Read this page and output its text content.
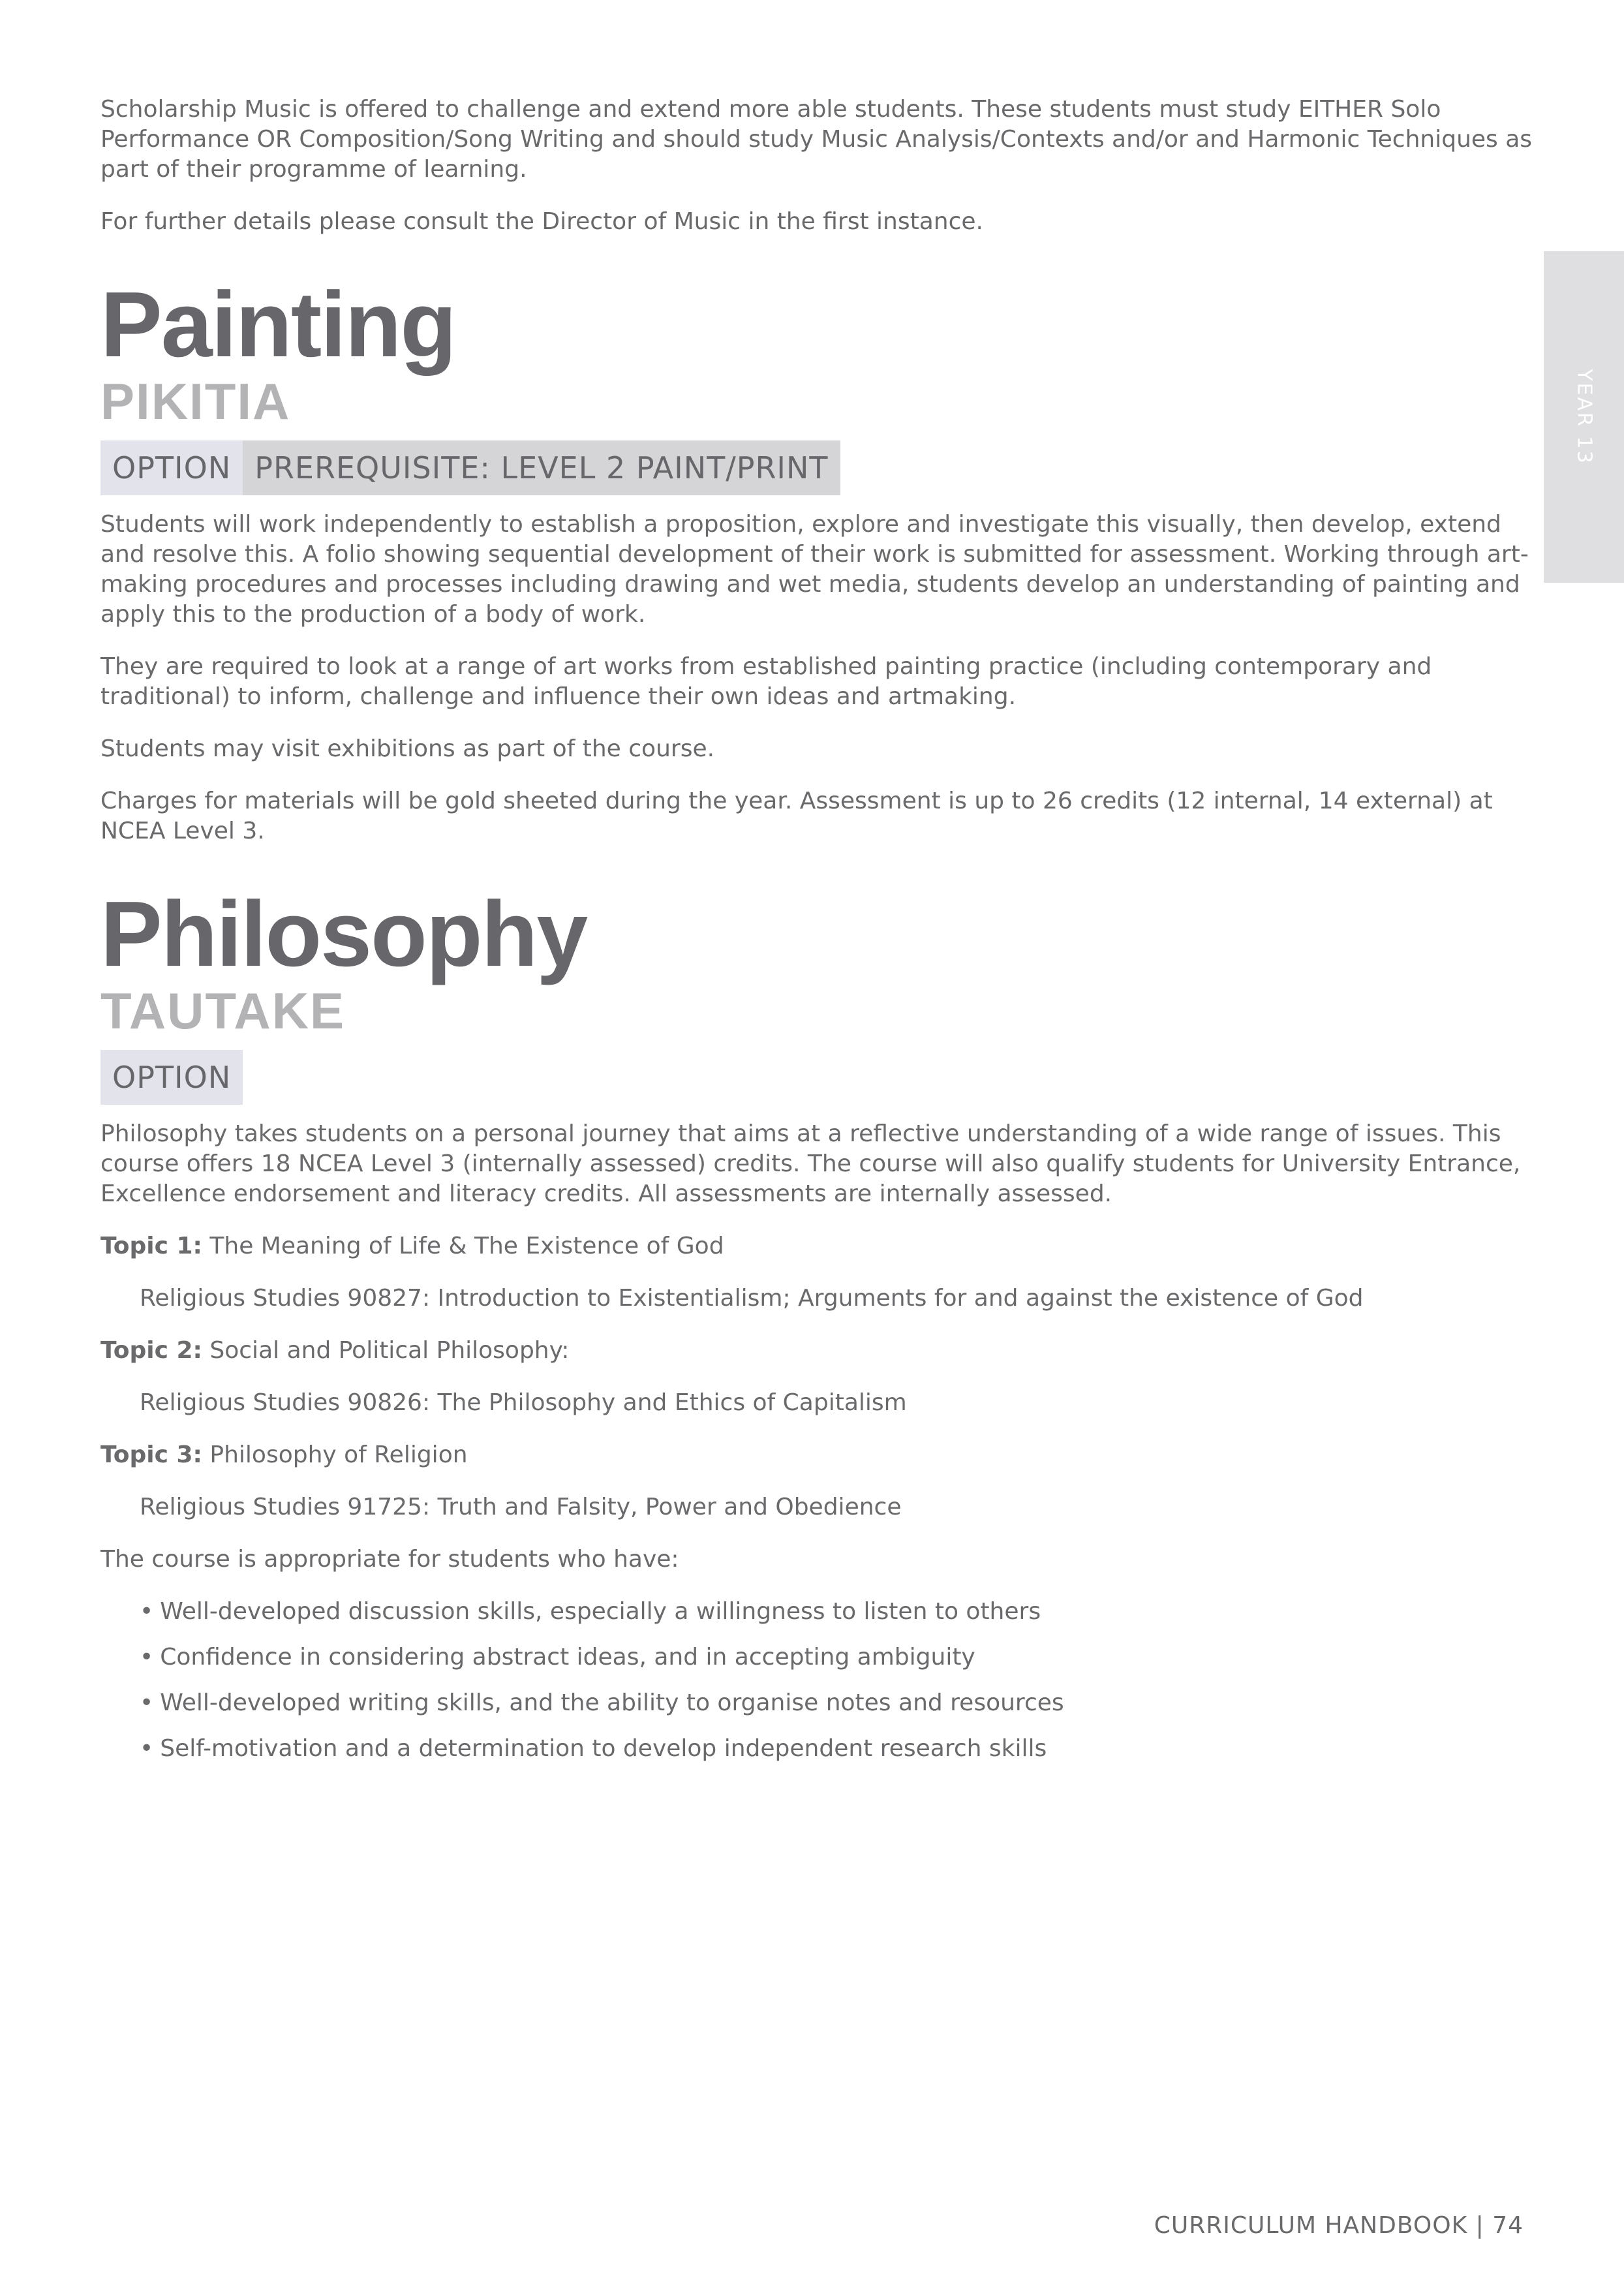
Scholarship Music is offered to challenge and extend more able students. These students must study EITHER Solo Performance OR Composition/Song Writing and should study Music Analysis/Contexts and/or and Harmonic Techniques as part of their programme of learning.

For further details please consult the Director of Music in the first instance.

Painting
PIKITIA
OPTION PREREQUISITE: LEVEL 2 PAINT/PRINT

Students will work independently to establish a proposition, explore and investigate this visually, then develop, extend and resolve this. A folio showing sequential development of their work is submitted for assessment. Working through art-making procedures and processes including drawing and wet media, students develop an understanding of painting and apply this to the production of a body of work.

They are required to look at a range of art works from established painting practice (including contemporary and traditional) to inform, challenge and influence their own ideas and artmaking.

Students may visit exhibitions as part of the course.

Charges for materials will be gold sheeted during the year. Assessment is up to 26 credits (12 internal, 14 external) at NCEA Level 3.

Philosophy
TAUTAKE
OPTION

Philosophy takes students on a personal journey that aims at a reflective understanding of a wide range of issues. This course offers 18 NCEA Level 3 (internally assessed) credits. The course will also qualify students for University Entrance, Excellence endorsement and literacy credits. All assessments are internally assessed.

Topic 1: The Meaning of Life & The Existence of God

Religious Studies 90827: Introduction to Existentialism; Arguments for and against the existence of God

Topic 2: Social and Political Philosophy:

Religious Studies 90826: The Philosophy and Ethics of Capitalism

Topic 3: Philosophy of Religion

Religious Studies 91725: Truth and Falsity, Power and Obedience

The course is appropriate for students who have:

• Well-developed discussion skills, especially a willingness to listen to others
• Confidence in considering abstract ideas, and in accepting ambiguity
• Well-developed writing skills, and the ability to organise notes and resources
• Self-motivation and a determination to develop independent research skills
YEAR 13
CURRICULUM HANDBOOK | 74
